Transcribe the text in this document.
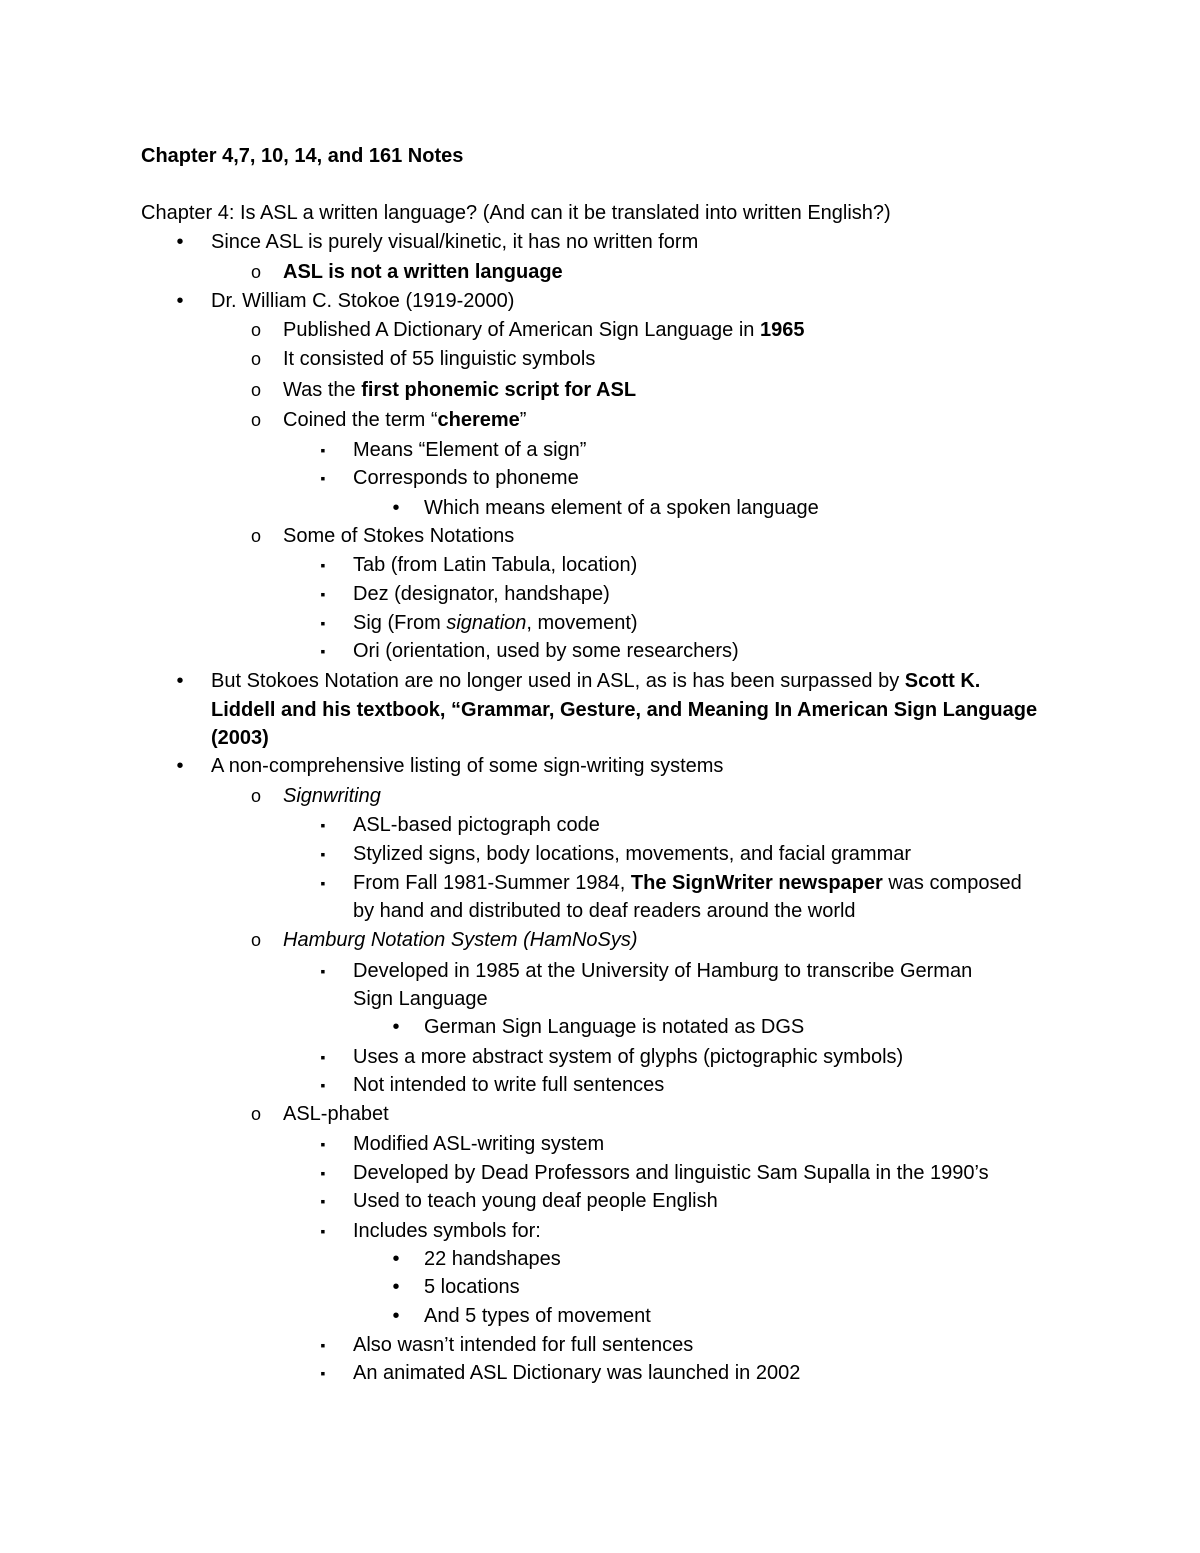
Chapter 4,7, 10, 14, and 161 Notes
Chapter 4: Is ASL a written language? (And can it be translated into written English?)
•	Since ASL is purely visual/kinetic, it has no written form
o ASL is not a written language
•	Dr. William C. Stokoe (1919-2000)
o Published A Dictionary of American Sign Language in 1965
o It consisted of 55 linguistic symbols
o Was the first phonemic script for ASL
o Coined the term “chereme”
▪	Means “Element of a sign”
▪	Corresponds to phoneme
•	Which means element of a spoken language
o Some of Stokes Notations
▪	Tab (from Latin Tabula, location)
▪	Dez (designator, handshape)
▪	Sig (From signation, movement)
▪	Ori (orientation, used by some researchers)
•	But Stokoes Notation are no longer used in ASL, as is has been surpassed by Scott K.
Liddell and his textbook, “Grammar, Gesture, and Meaning In American Sign Language
(2003)
•	A non-comprehensive listing of some sign-writing systems
o Signwriting
▪	ASL-based pictograph code
▪	Stylized signs, body locations, movements, and facial grammar
▪	From Fall 1981-Summer 1984, The SignWriter newspaper was composed
by hand and distributed to deaf readers around the world
o Hamburg Notation System (HamNoSys)
▪	Developed in 1985 at the University of Hamburg to transcribe German
Sign Language
•	German Sign Language is notated as DGS
▪	Uses a more abstract system of glyphs (pictographic symbols)
▪	Not intended to write full sentences
o ASL-phabet
▪	Modified ASL-writing system
▪	Developed by Dead Professors and linguistic Sam Supalla in the 1990’s
▪	Used to teach young deaf people English
▪	Includes symbols for:
•	22 handshapes
•	5 locations
•	And 5 types of movement
▪	Also wasn’t intended for full sentences
▪	An animated ASL Dictionary was launched in 2002
